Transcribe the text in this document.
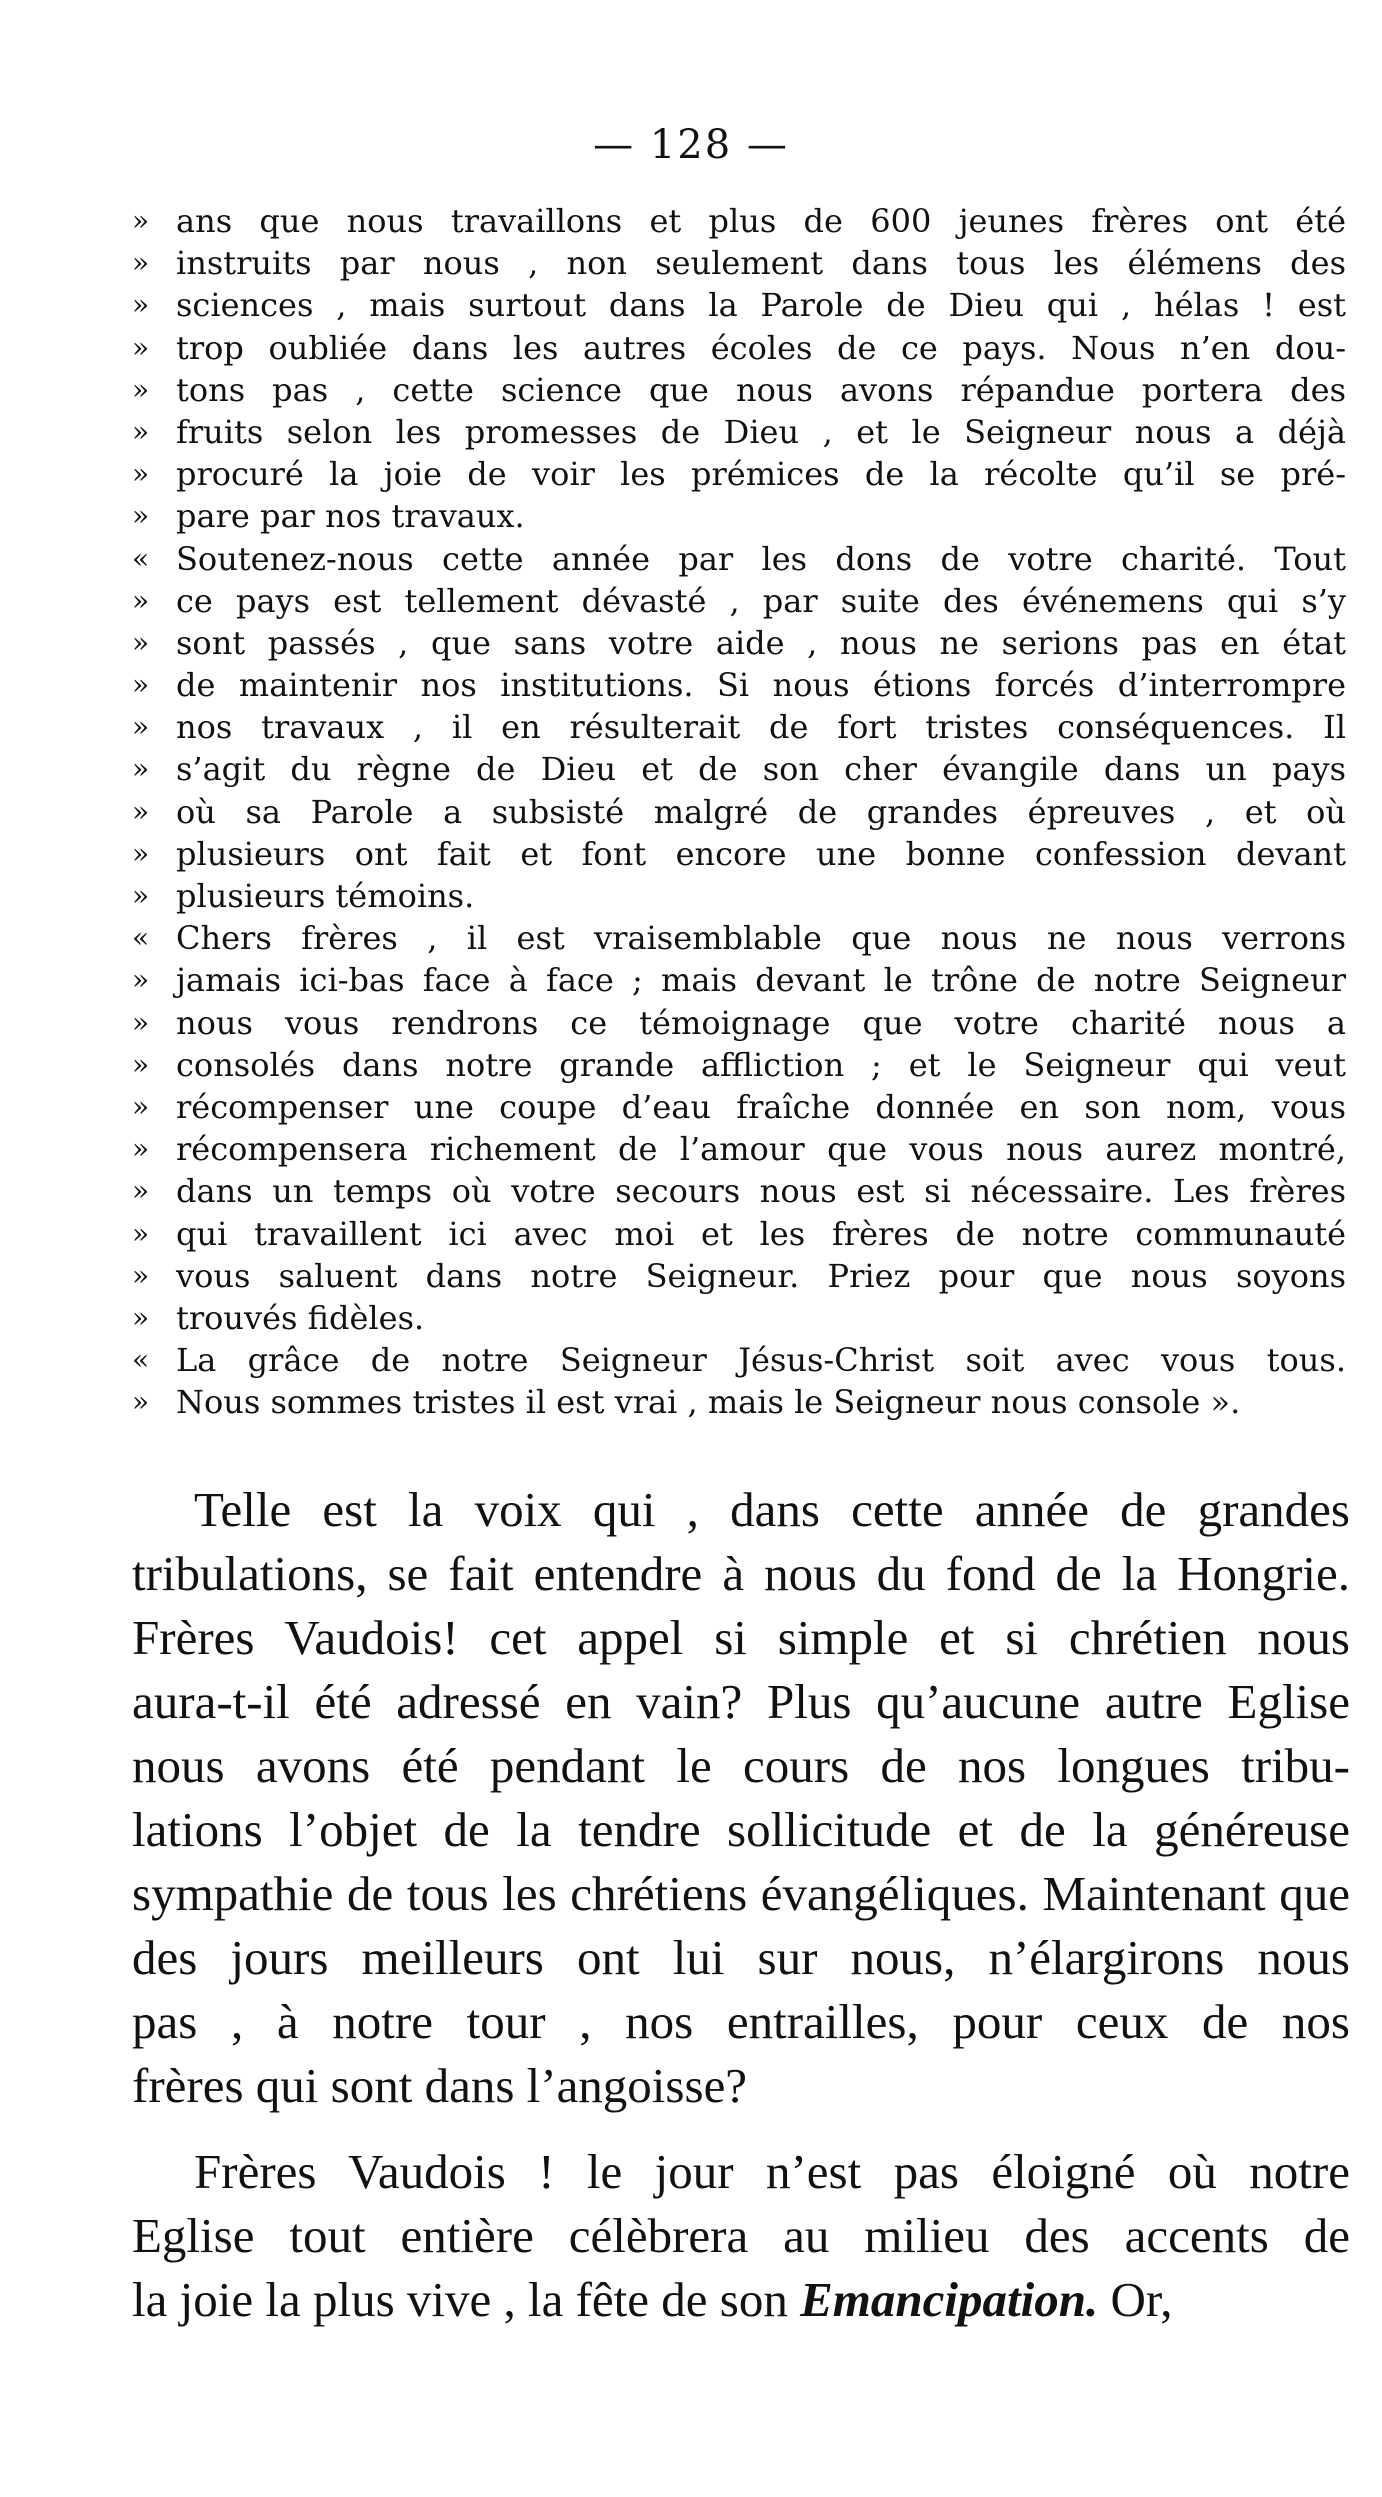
— 128 —
» ans que nous travaillons et plus de 600 jeunes frères ont été
» instruits par nous , non seulement dans tous les élémens des
» sciences , mais surtout dans la Parole de Dieu qui , hélas ! est
» trop oubliée dans les autres écoles de ce pays. Nous n’en dou-
» tons pas , cette science que nous avons répandue portera des
» fruits selon les promesses de Dieu , et le Seigneur nous a déjà
» procuré la joie de voir les prémices de la récolte qu’il se pré-
» pare par nos travaux.
« Soutenez-nous cette année par les dons de votre charité. Tout
» ce pays est tellement dévasté , par suite des événemens qui s’y
» sont passés , que sans votre aide , nous ne serions pas en état
» de maintenir nos institutions. Si nous étions forcés d’interrompre
» nos travaux , il en résulterait de fort tristes conséquences. Il
» s’agit du règne de Dieu et de son cher évangile dans un pays
» où sa Parole a subsisté malgré de grandes épreuves , et où
» plusieurs ont fait et font encore une bonne confession devant
» plusieurs témoins.
« Chers frères , il est vraisemblable que nous ne nous verrons
» jamais ici-bas face à face ; mais devant le trône de notre Seigneur
» nous vous rendrons ce témoignage que votre charité nous a
» consolés dans notre grande affliction ; et le Seigneur qui veut
» récompenser une coupe d’eau fraîche donnée en son nom, vous
» récompensera richement de l’amour que vous nous aurez montré,
» dans un temps où votre secours nous est si nécessaire. Les frères
» qui travaillent ici avec moi et les frères de notre communauté
» vous saluent dans notre Seigneur. Priez pour que nous soyons
» trouvés fidèles.
« La grâce de notre Seigneur Jésus-Christ soit avec vous tous.
» Nous sommes tristes il est vrai , mais le Seigneur nous console ».
Telle est la voix qui , dans cette année de grandes
tribulations, se fait entendre à nous du fond de la Hongrie.
Frères Vaudois! cet appel si simple et si chrétien nous
aura-t-il été adressé en vain? Plus qu’aucune autre Eglise
nous avons été pendant le cours de nos longues tribu-
lations l’objet de la tendre sollicitude et de la généreuse
sympathie de tous les chrétiens évangéliques. Maintenant que
des jours meilleurs ont lui sur nous, n’élargirons nous
pas , à notre tour , nos entrailles, pour ceux de nos
frères qui sont dans l’angoisse?
Frères Vaudois ! le jour n’est pas éloigné où notre
Eglise tout entière célèbrera au milieu des accents de
la joie la plus vive , la fête de son Emancipation. Or,
